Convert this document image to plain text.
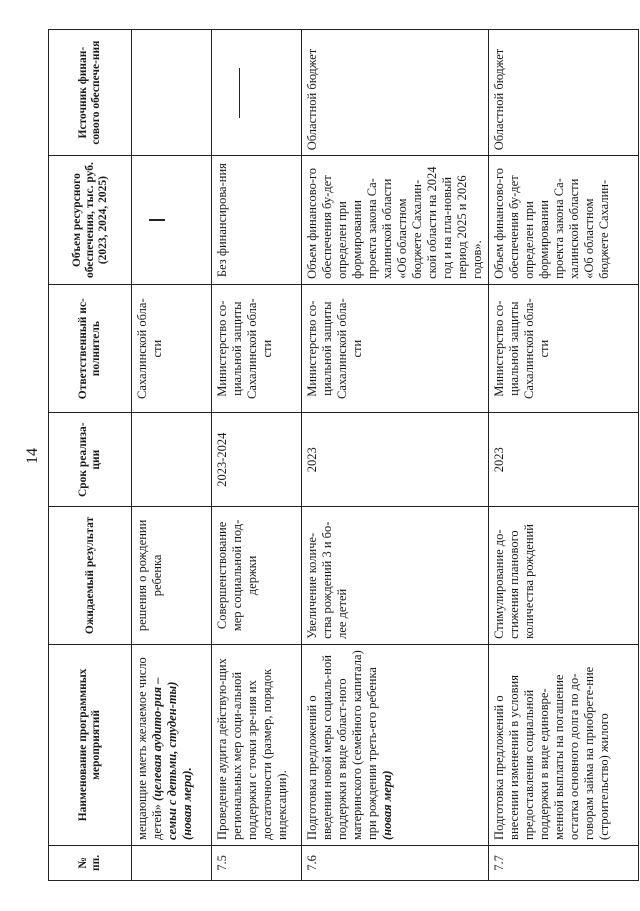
14
№ пп.	Наименование программных мероприятий	Ожидаемый результат	Срок реализа-ции	Ответственный ис-полнитель	Объем ресурсного обеспечения, тыс. руб. (2023, 2024, 2025)	Источник финан-сового обеспече-ния
	мещающие иметь желаемое число детей» (целевая аудито-рия – семьи с детьми, студен-ты) (новая мера).	решения о рождении ребенка		Сахалинской обла-сти	

7.5	Проведение аудита действую-щих региональных мер соци-альной поддержки с точки зре-ния их достаточности (размер, порядок индексации).	Совершенствование мер социальной под-держки	2023-2024	Министерство со-циальной защиты Сахалинской обла-сти	Без финансирова-ния	

7.6	Подготовка предложений о введении новой меры социаль-ной поддержки в виде област-ного материнского (семейного капитала) при рождении треть-его ребенка (новая мера)	Увеличение количе-ства рождений 3 и бо-лее детей	2023	Министерство со-циальной защиты Сахалинской обла-сти	Объем финансово-го обеспечения бу-дет определен при формировании проекта закона Са-халинской области «Об областном бюджете Сахалин-ской области на 2024 год и на пла-новый период 2025 и 2026 годов».	Областной бюджет
7.7	Подготовка предложений о внесении изменений в условия предоставления социальной поддержки в виде единовре-менной выплаты на погашение остатка основного долга по до-говорам займа на приобрете-ние (строительство) жилого	Стимулирование до-стижения планового количества рождений	2023	Министерство со-циальной защиты Сахалинской обла-сти	Объем финансово-го обеспечения бу-дет определен при формировании проекта закона Са-халинской области «Об областном бюджете Сахалин-	Областной бюджет
